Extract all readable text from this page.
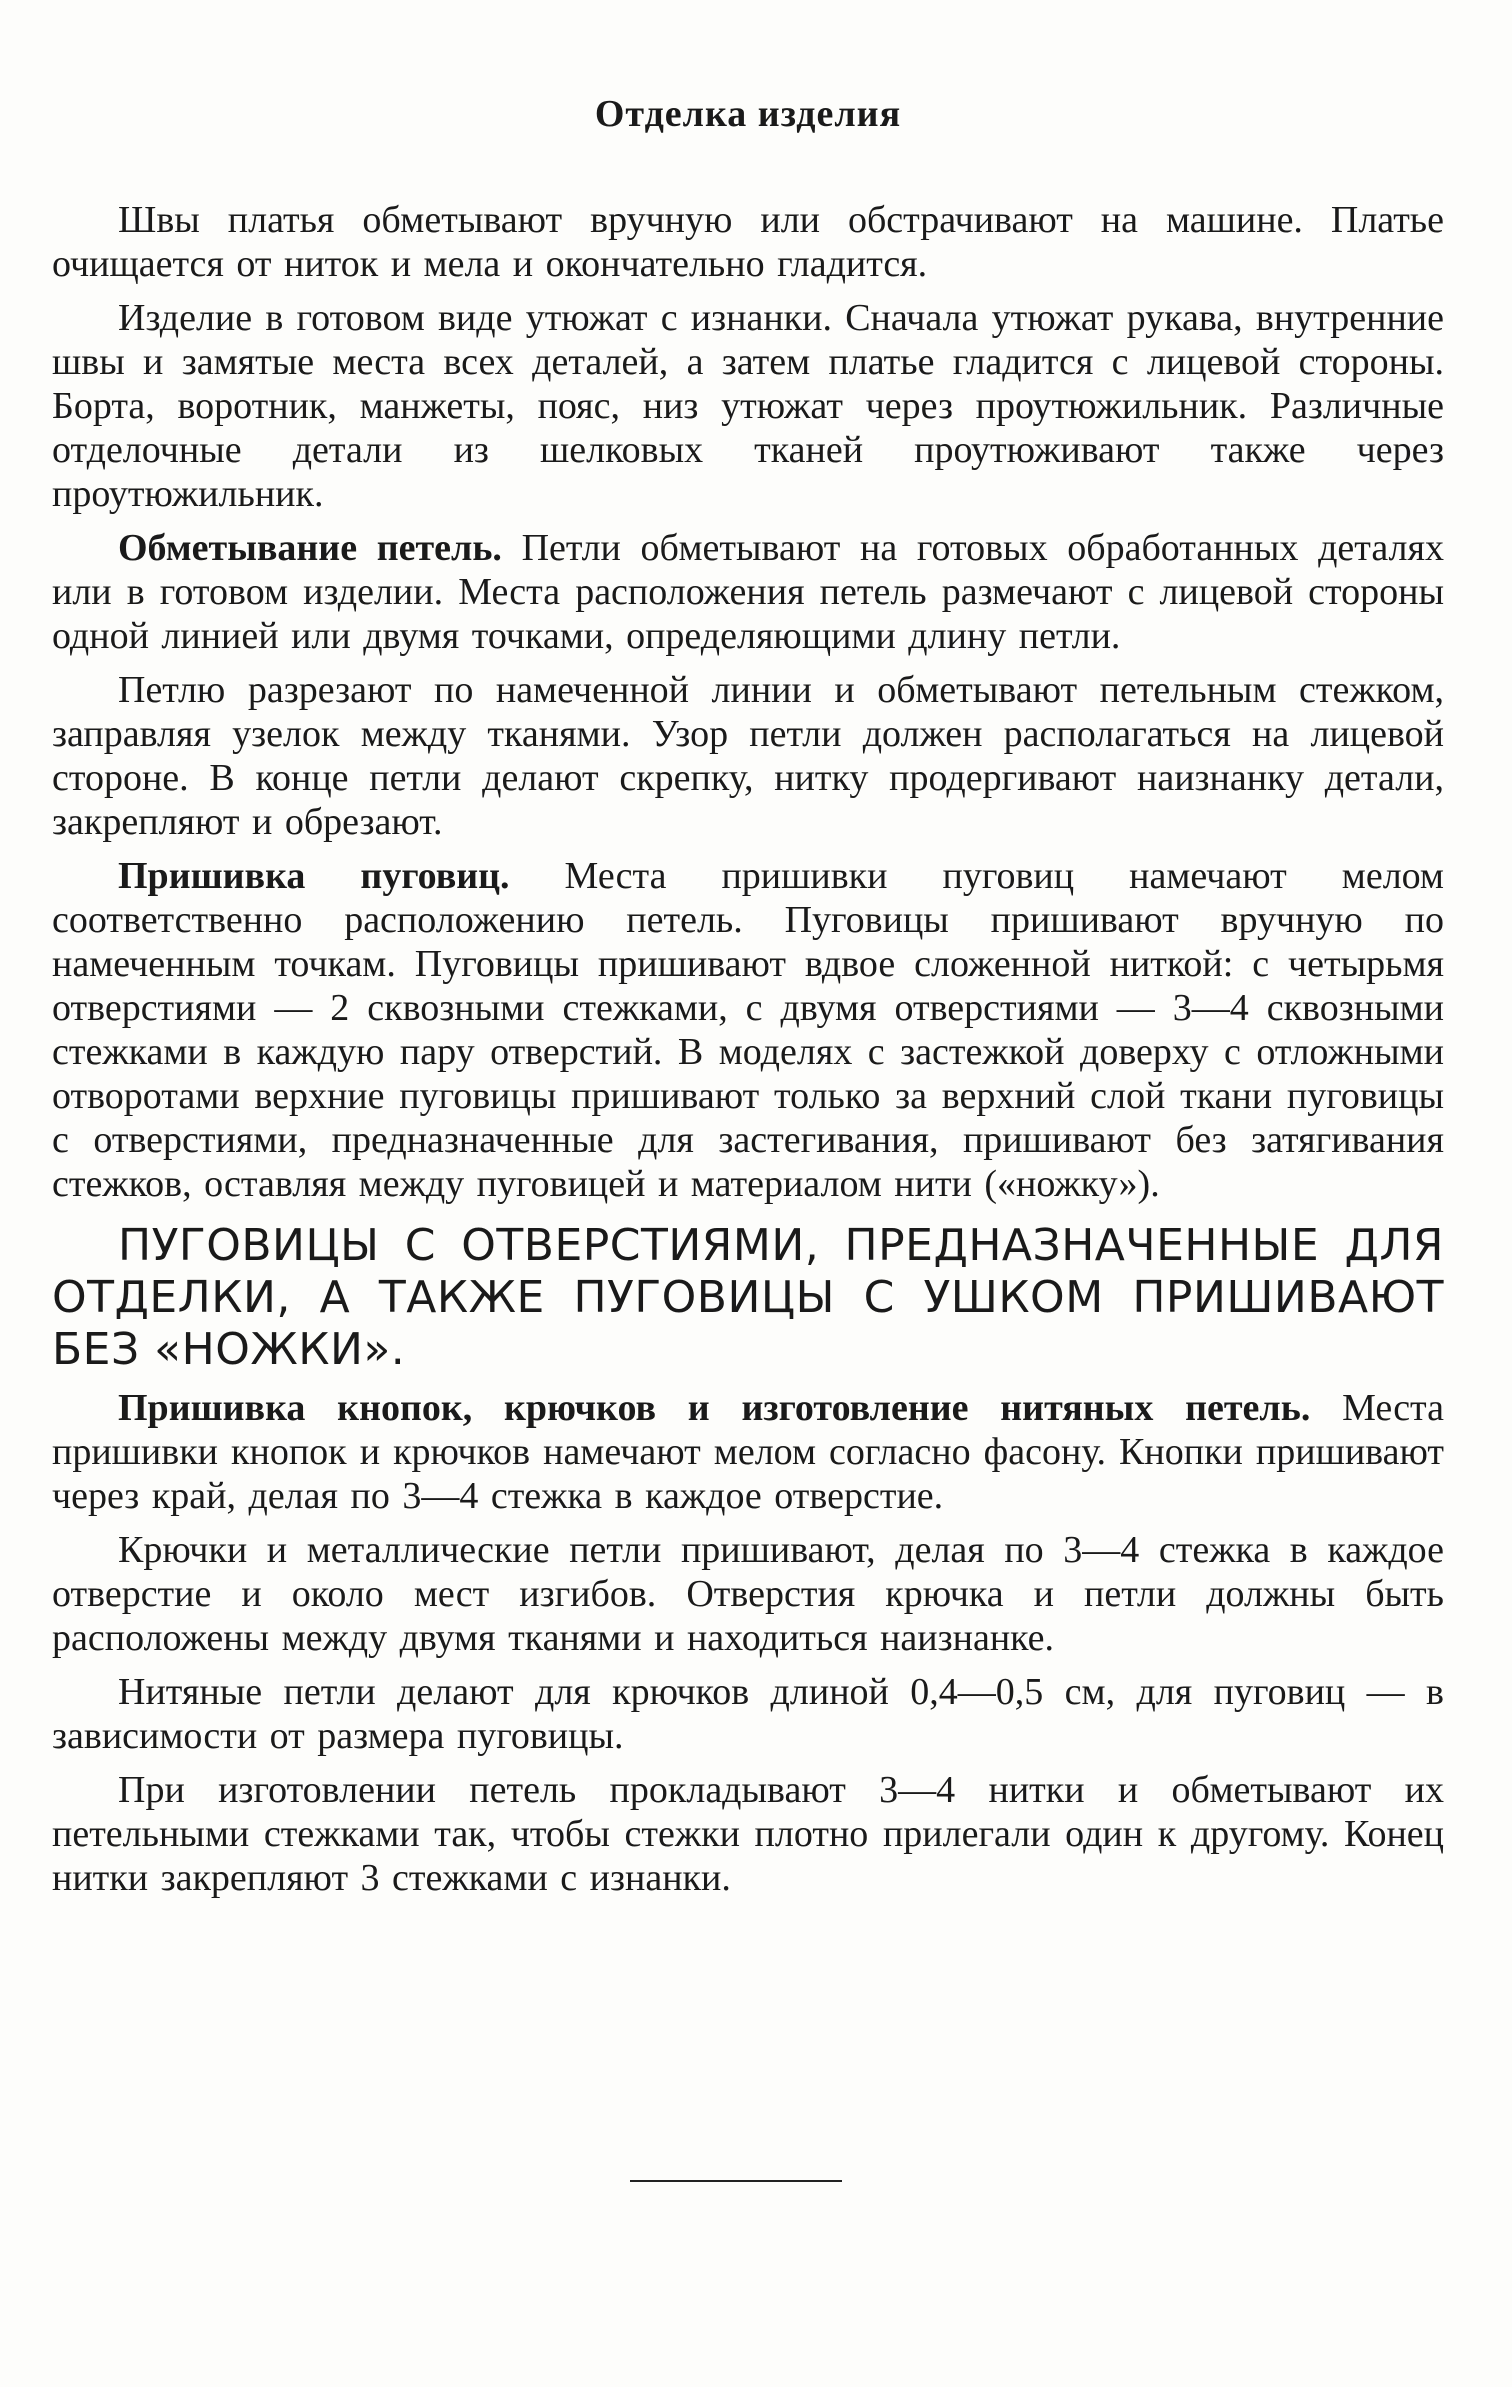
Отделка изделия

Швы платья обметывают вручную или обстрачивают на машине. Платье очищается от ниток и мела и окончательно гладится.

Изделие в готовом виде утюжат с изнанки. Сначала утюжат рукава, внутренние швы и замятые места всех деталей, а затем платье гладится с лицевой стороны. Борта, воротник, манжеты, пояс, низ утюжат через проутюжильник. Различные отделочные детали из шелковых тканей проутюживают также через проутюжильник.

Обметывание петель. Петли обметывают на готовых обработанных деталях или в готовом изделии. Места расположения петель размечают с лицевой стороны одной линией или двумя точками, определяющими длину петли.

Петлю разрезают по намеченной линии и обметывают петельным стежком, заправляя узелок между тканями. Узор петли должен располагаться на лицевой стороне. В конце петли делают скрепку, нитку продергивают наизнанку детали, закрепляют и обрезают.

Пришивка пуговиц. Места пришивки пуговиц намечают мелом соответственно расположению петель. Пуговицы пришивают вручную по намеченным точкам. Пуговицы пришивают вдвое сложенной ниткой: с четырьмя отверстиями — 2 сквозными стежками, с двумя отверстиями — 3—4 сквозными стежками в каждую пару отверстий. В моделях с застежкой доверху с отложными отворотами верхние пуговицы пришивают только за верхний слой ткани пуговицы с отверстиями, предназначенные для застегивания, пришивают без затягивания стежков, оставляя между пуговицей и материалом нити («ножку»).

ПУГОВИЦЫ С ОТВЕРСТИЯМИ, ПРЕДНАЗНАЧЕННЫЕ ДЛЯ ОТДЕЛКИ, А ТАКЖЕ ПУГОВИЦЫ С УШКОМ ПРИШИВАЮТ БЕЗ «НОЖКИ».

Пришивка кнопок, крючков и изготовление нитяных петель. Места пришивки кнопок и крючков намечают мелом согласно фасону. Кнопки пришивают через край, делая по 3—4 стежка в каждое отверстие.

Крючки и металлические петли пришивают, делая по 3—4 стежка в каждое отверстие и около мест изгибов. Отверстия крючка и петли должны быть расположены между двумя тканями и находиться наизнанке.

Нитяные петли делают для крючков длиной 0,4—0,5 см, для пуговиц — в зависимости от размера пуговицы.

При изготовлении петель прокладывают 3—4 нитки и обметывают их петельными стежками так, чтобы стежки плотно прилегали один к другому. Конец нитки закрепляют 3 стежками с изнанки.
